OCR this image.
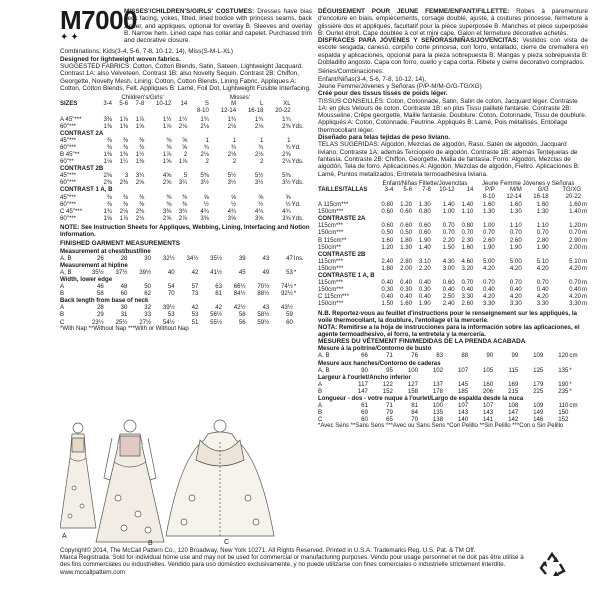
M7000
✦✦
MISSES'/CHILDREN'S/GIRLS' COSTUMES: Dresses have bias neck facing, yokes, fitted, lined bodice with princess seams, back zipper, and appliques, optional for overlay B. Sleeves and overlay B. Narrow hem. Lined cape has collar and capelet. Purchased trim and decorative closure.
Combinations: Kids(3-4, 5-6, 7-8, 10-12, 14), Miss(S-M-L-XL)
Designed for lightweight woven fabrics.
SUGGESTED FABRICS: Cotton, Cotton Blends, Satin, Sateen, Lightweight Jacquard. Contrast 1A: also Velveteen. Contrast 1B: also Novelty Sequin. Contrast 2B: Chiffon, Georgette, Novelty Mesh. Lining: Cotton, Cotton Blends, Lining Fabric. Appliques A: Cotton, Cotton Blends, Felt. Appliques B: Lamé, Foil Dot, Lightweight Fusible Interfacing.
	Children's/Girls'					Misses'				
SIZES	3-4	5-6	7-8	10-12	14	S	M	L	XL	
						8-10	12-14	16-18	20-22	
A 45"***	3⅜	1⅞	1⅞	1½	1½	1¾	1¾	1¾	1¾	
60"***	1⅜	1⅜	1⅝	1⅞	2⅛	2⅛	2⅛	2⅛	2⅜	Yds.
CONTRAST 2A										
45"***	⅜	⅜	⅜	⅜	⅝	1	1	1	1	
60"***	⅜	⅜	⅜	⅜	⅝	¾	¾	¾	¾	Yd.
B 45"**	1⅜	1⅜	1½	1⅞	2	2⅛	2⅛	2⅛	2⅜	
60"**	1⅛	1¼	1⅜	1⅝	1⅞	2	2	2	2⅛	Yds.
CONTRAST 2B										
45"***	2⅝	3	3¼	4⅝	5	5⅜	5½	5½	5⅜	
60"***	2⅜	2⅜	2⅝	2⅝	3¼	3½	3½	3½	3½	Yds.
CONTRAST 1 A, B										
45"***	⅜	⅜	⅜	⅜	⅜	⅝	⅝	⅝	⅝	
60"***	⅜	⅜	⅜	⅜	⅜	½	½	½	½	Yd.
C 45"***	1¾	2⅛	2⅜	3⅜	3¾	4¾	4¾	4¾	4¾	
60"***	1⅝	1⅞	2⅛	2⅝	2⅞	3⅝	3⅝	3⅝	3⅝	Yds.
NOTE: See Instruction Sheets for Appliques, Webbing, Lining, Interfacing and Notion Information.
FINISHED GARMENT MEASUREMENTS
Measurement at chest/bust/line										
A, B	26	28	30	32½	34½	35½	39	43	47	Ins.
Measurement at hipline										
A, B	35½	37½	39½	40	42	41½	45	49	53	*
Width, lower edge										
A	46	48	50	54	57	63	66½	70½	74½	*
B	58	60	62	70	73	81	84½	88½	92½	*
Back length from base of neck										
A	28	30	32	39½	42	42	42½	43	43½	
B	29	31	33	53	53	56½	58	58½	59	
C	23½	25½	27½	54½	51	55½	56	59½	60	
*With Nap **Without Nap ***With or Without Nap
DÉGUISEMENT POUR JEUNE FEMME/ENFANT/FILLETTE: Robes à parementure d'encolure en biais, empiècements, corsage doublé, ajusté, à coutures princesse, fermeture à glissière dos et appliqués, facultatif pour la pièce superposée B. Manches et pièce superposée B: Ourlet étroit. Cape doublée à col et mini cape. Galon et fermeture décorative achetés.
DISFRACES PARA JÓVENES Y SEÑORAS/NIÑAS/JOVENCITAS: Vestidos con vista de escote sesgada, canesú, corpiño corte princesa, con forro, entallado, cierre de cremallera en espalda y aplicaciones, opcional para la pieza sobrepuesta B. Mangas y pieza sobrepuesta B: Dobladillo angosto. Capa con forro, cuello y capa corta. Ribete y cierre decorativo comprados.
Séries/Combinaciones:
Enfant/Niñas(3-4, 5-6, 7-8, 10-12, 14),
Jeune Femme/Jóvenes y Señoras (P/P-M/M-G/G-TG/XG)
Créé pour des tissus tissés de poids léger.
TISSUS CONSEILLÉS: Coton, Cotonnade, Satin, Satin de coton, Jacquard léger. Contraste 1A: en plus Velours de coton. Contraste 1B: en plus Tissu pailleté fantaisie. Contraste 2B: Mousseline, Crêpe georgette, Maille fantaisie. Doublure: Coton, Cotonnade, Tissu de doublure. Appliqués A: Coton, Cotonnade, Feutrine. Appliqués B: Lamé, Pois métallisés, Entoilage thermocollant léger.
Diseñado para telas tejidas de peso liviano.
TELAS SUGERIDAS: Algodón, Mezclas de algodón, Raso, Satén de algodón, Jacquard liviano. Contraste 1A: además Terciopelo de algodón. Contraste 1B: además Tentejuelas de fantasía. Contraste 2B: Chiffon, Georgette, Malla de fantasía. Forro: Algodón, Mezclas de algodón, Tela de forro. Aplicaciones A: Algodón, Mezclas de algodón, Fieltro. Aplicaciones B: Lamé, Puntos metalizados, Entretela termoadhesiva liviana.
	Enfant/Niñas Fillette/Jovencitas					Jeune Femme Jóvenes y Señoras				
TAILLES/TALLAS	3-4	5-6	7-8	10-12	14	P/P	M/M	G/G	TG/XG	
						8-10	12-14	16-18	20-22	
A 115cm***	0.80	1.20	1.30	1.40	1.40	1.60	1.60	1.60	1.60	m
150cm***	0.60	0.60	0.80	1.00	1.10	1.30	1.30	1.30	1.40	m
CONTRASTE 2A										
115cm***	0.60	0.60	0.60	0.70	0.80	1.00	1.10	1.10	1.20	m
150cm***	0.50	0.50	0.60	0.70	0.70	0.70	0.70	0.70	0.70	m
B 115cm**	1.60	1.80	1.90	2.20	2.30	2.60	2.60	2.80	2.90	m
150cm**	1.20	1.30	1.40	1.50	1.60	1.90	1.90	1.90	2.00	m
CONTRASTE 2B										
115cm***	2.40	2.80	3.10	4.30	4.60	5.00	5.00	5.10	5.10	m
150cm***	1.80	2.00	2.20	3.00	3.20	4.20	4.20	4.20	4.20	m
CONTRASTE 1 A, B										
115cm***	0.40	0.40	0.40	0.60	0.70	0.70	0.70	0.70	0.70	m
150cm***	0.30	0.30	0.30	0.40	0.40	0.40	0.40	0.40	0.40	m
C 115cm***	0.40	0.40	0.40	2.50	3.30	4.20	4.20	4.20	4.20	m
150cm***	1.50	1.60	1.90	2.40	2.60	3.30	3.30	3.30	3.30	m
N.B. Reportez-vous au feuillet d'instructions pour le renseignement sur les appliqués, la voile thermocollant, la doublure, l'entoilage et la mercerie.
NOTA: Remitirse a la hoja de instrucciones para la información sobre las aplicaciones, el agente termoadhesivo, el forro, la entretela y la mercería.
MESURES DU VÊTEMENT FINI/MEDIDAS DE LA PRENDA ACABADA
Mesure à la poitrine/Contorno de busto										
A, B	66	71	76	83	88	90	99	109	120	cm
Mesure aux hanches/Contorno de caderas										
A, B	90	95	100	102	107	105	115	125	135	*
Largeur à l'ourlet/Ancho inferior										
A	117	122	127	137	145	160	169	179	190	*
B	147	152	158	178	185	206	215	225	235	*
Longueur - dos - votre nuque à l'ourlet/Largo de espalda desde la nuca										
A	61	71	81	100	107	107	108	109	110	cm
B	69	79	84	135	143	143	147	149	150	
C	60	65	70	138	140	141	142	146	152	
*Avec Sens **Sans Sens ***Avec ou Sans Sens *Con Pelillo **Sin Pelillo ***Con o Sin Pelillo
A
B	C
Copyright© 2014, The McCall Pattern Co., 120 Broadway, New York 10271. All Rights Reserved. Printed in U.S.A. Trademarks Reg. U.S. Pat. & TM Off.
Marca Registrada. Sold for individual home use and may not be used for commercial or manufacturing purposes. Vendu pour usage personnel et ne doit pas être utilisé à des fins commerciales ou industrielles. Vendido para uso doméstico exclusivamente, y no puede utilizarse con fines comerciales o industrielle strictement interdite. www.mccallpattern.com
